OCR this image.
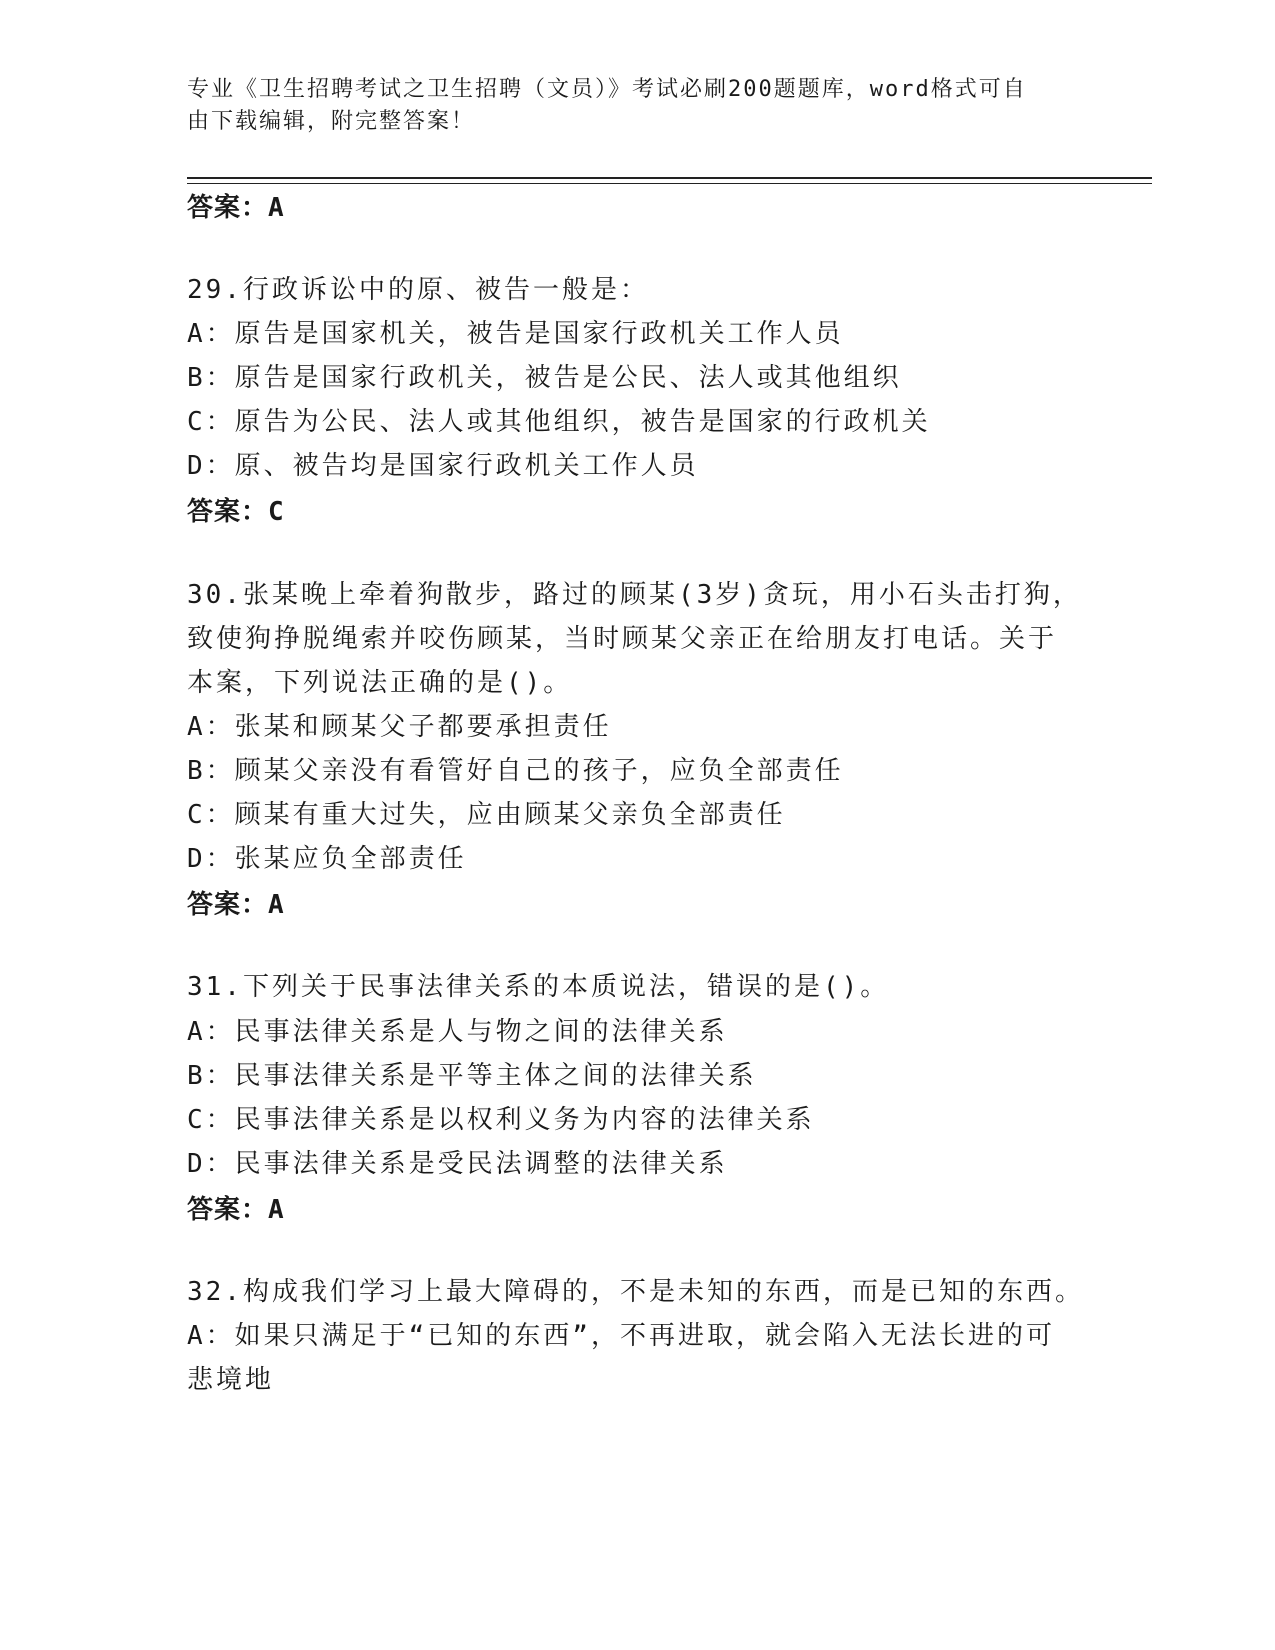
专业《卫生招聘考试之卫生招聘（文员）》考试必刷200题题库，word格式可自
由下载编辑，附完整答案！
答案：A
29.行政诉讼中的原、被告一般是：
A：原告是国家机关，被告是国家行政机关工作人员
B：原告是国家行政机关，被告是公民、法人或其他组织
C：原告为公民、法人或其他组织，被告是国家的行政机关
D：原、被告均是国家行政机关工作人员
答案：C
30.张某晚上牵着狗散步，路过的顾某(3岁)贪玩，用小石头击打狗，
致使狗挣脱绳索并咬伤顾某，当时顾某父亲正在给朋友打电话。关于
本案，下列说法正确的是()。
A：张某和顾某父子都要承担责任
B：顾某父亲没有看管好自己的孩子，应负全部责任
C：顾某有重大过失，应由顾某父亲负全部责任
D：张某应负全部责任
答案：A
31.下列关于民事法律关系的本质说法，错误的是()。
A：民事法律关系是人与物之间的法律关系
B：民事法律关系是平等主体之间的法律关系
C：民事法律关系是以权利义务为内容的法律关系
D：民事法律关系是受民法调整的法律关系
答案：A
32.构成我们学习上最大障碍的，不是未知的东西，而是已知的东西。
A：如果只满足于“已知的东西”，不再进取，就会陷入无法长进的可
悲境地
